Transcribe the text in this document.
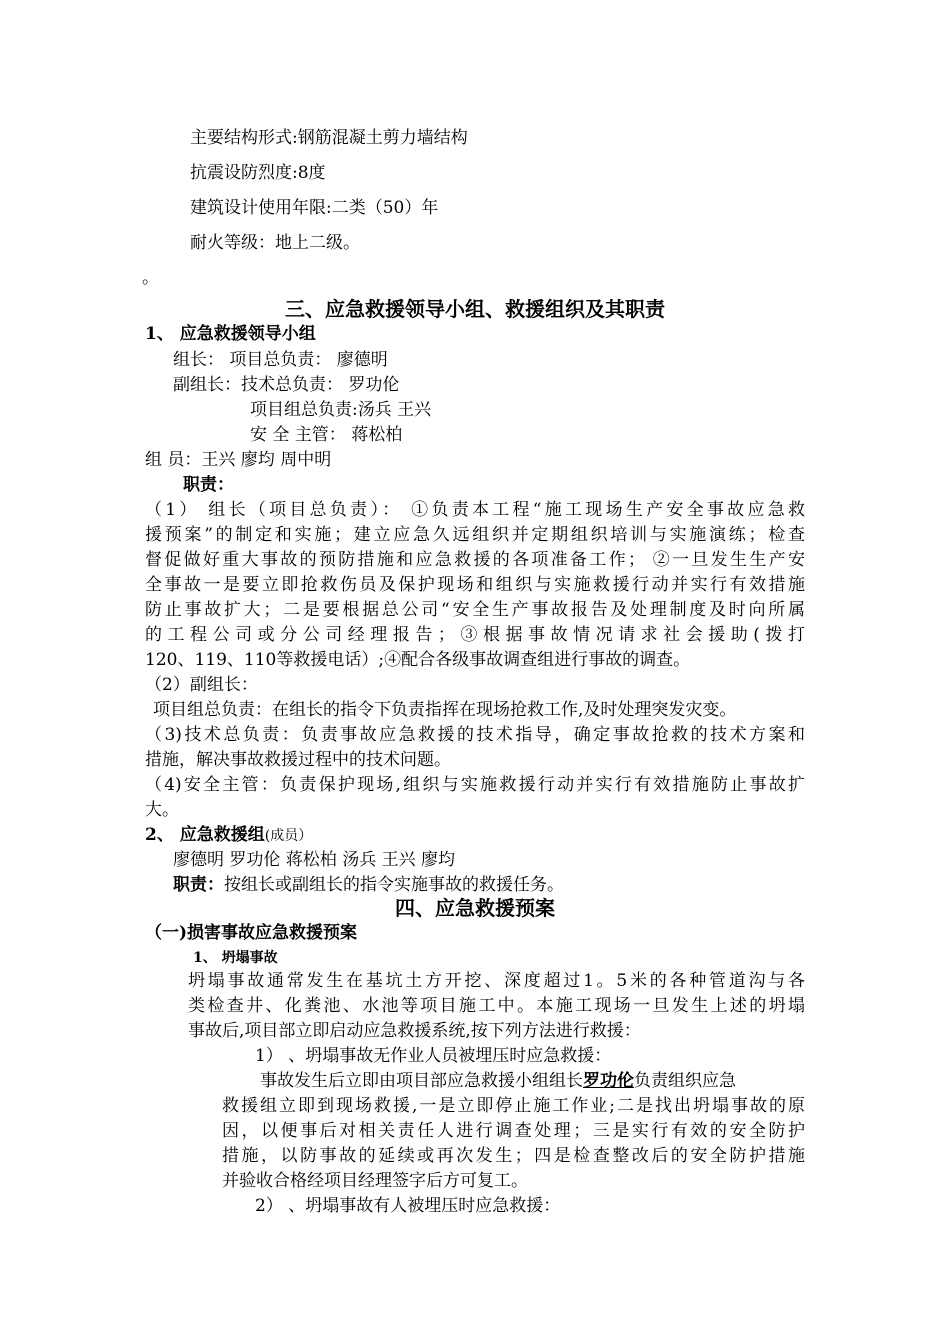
主要结构形式:钢筋混凝土剪力墙结构
抗震设防烈度:8度
建筑设计使用年限:二类（50）年
耐火等级：地上二级。
。
三、应急救援领导小组、救援组织及其职责
1、 应急救援领导小组
组长： 项目总负责： 廖德明
副组长：技术总负责： 罗功伦
项目组总负责:汤兵 王兴
安 全 主管： 蒋松柏
组 员：王兴 廖均 周中明
职责：
（1） 组长（项目总负责）： ①负责本工程“施工现场生产安全事故应急救
援预案”的制定和实施；建立应急久远组织并定期组织培训与实施演练；检查
督促做好重大事故的预防措施和应急救援的各项准备工作； ②一旦发生生产安
全事故一是要立即抢救伤员及保护现场和组织与实施救援行动并实行有效措施
防止事故扩大；二是要根据总公司“安全生产事故报告及处理制度及时向所属
的工程公司或分公司经理报告；③根据事故情况请求社会援助(拨打
120、119、110等救援电话）;④配合各级事故调查组进行事故的调查。
（2）副组长：
项目组总负责：在组长的指令下负责指挥在现场抢救工作,及时处理突发灾变。
（3)技术总负责：负责事故应急救援的技术指导，确定事故抢救的技术方案和
措施，解决事故救援过程中的技术问题。
（4)安全主管：负责保护现场,组织与实施救援行动并实行有效措施防止事故扩
大。
2、 应急救援组(成员）
廖德明 罗功伦 蒋松柏 汤兵 王兴 廖均
职责：按组长或副组长的指令实施事故的救援任务。
四、应急救援预案
（一)损害事故应急救援预案
1、 坍塌事故
坍塌事故通常发生在基坑土方开挖、深度超过1。5米的各种管道沟与各
类检查井、化粪池、水池等项目施工中。本施工现场一旦发生上述的坍塌
事故后,项目部立即启动应急救援系统,按下列方法进行救援：
1） 、坍塌事故无作业人员被埋压时应急救援：
事故发生后立即由项目部应急救援小组组长罗功伦负责组织应急
救援组立即到现场救援,一是立即停止施工作业;二是找出坍塌事故的原
因，以便事后对相关责任人进行调查处理；三是实行有效的安全防护
措施，以防事故的延续或再次发生；四是检查整改后的安全防护措施
并验收合格经项目经理签字后方可复工。
2） 、坍塌事故有人被埋压时应急救援：
